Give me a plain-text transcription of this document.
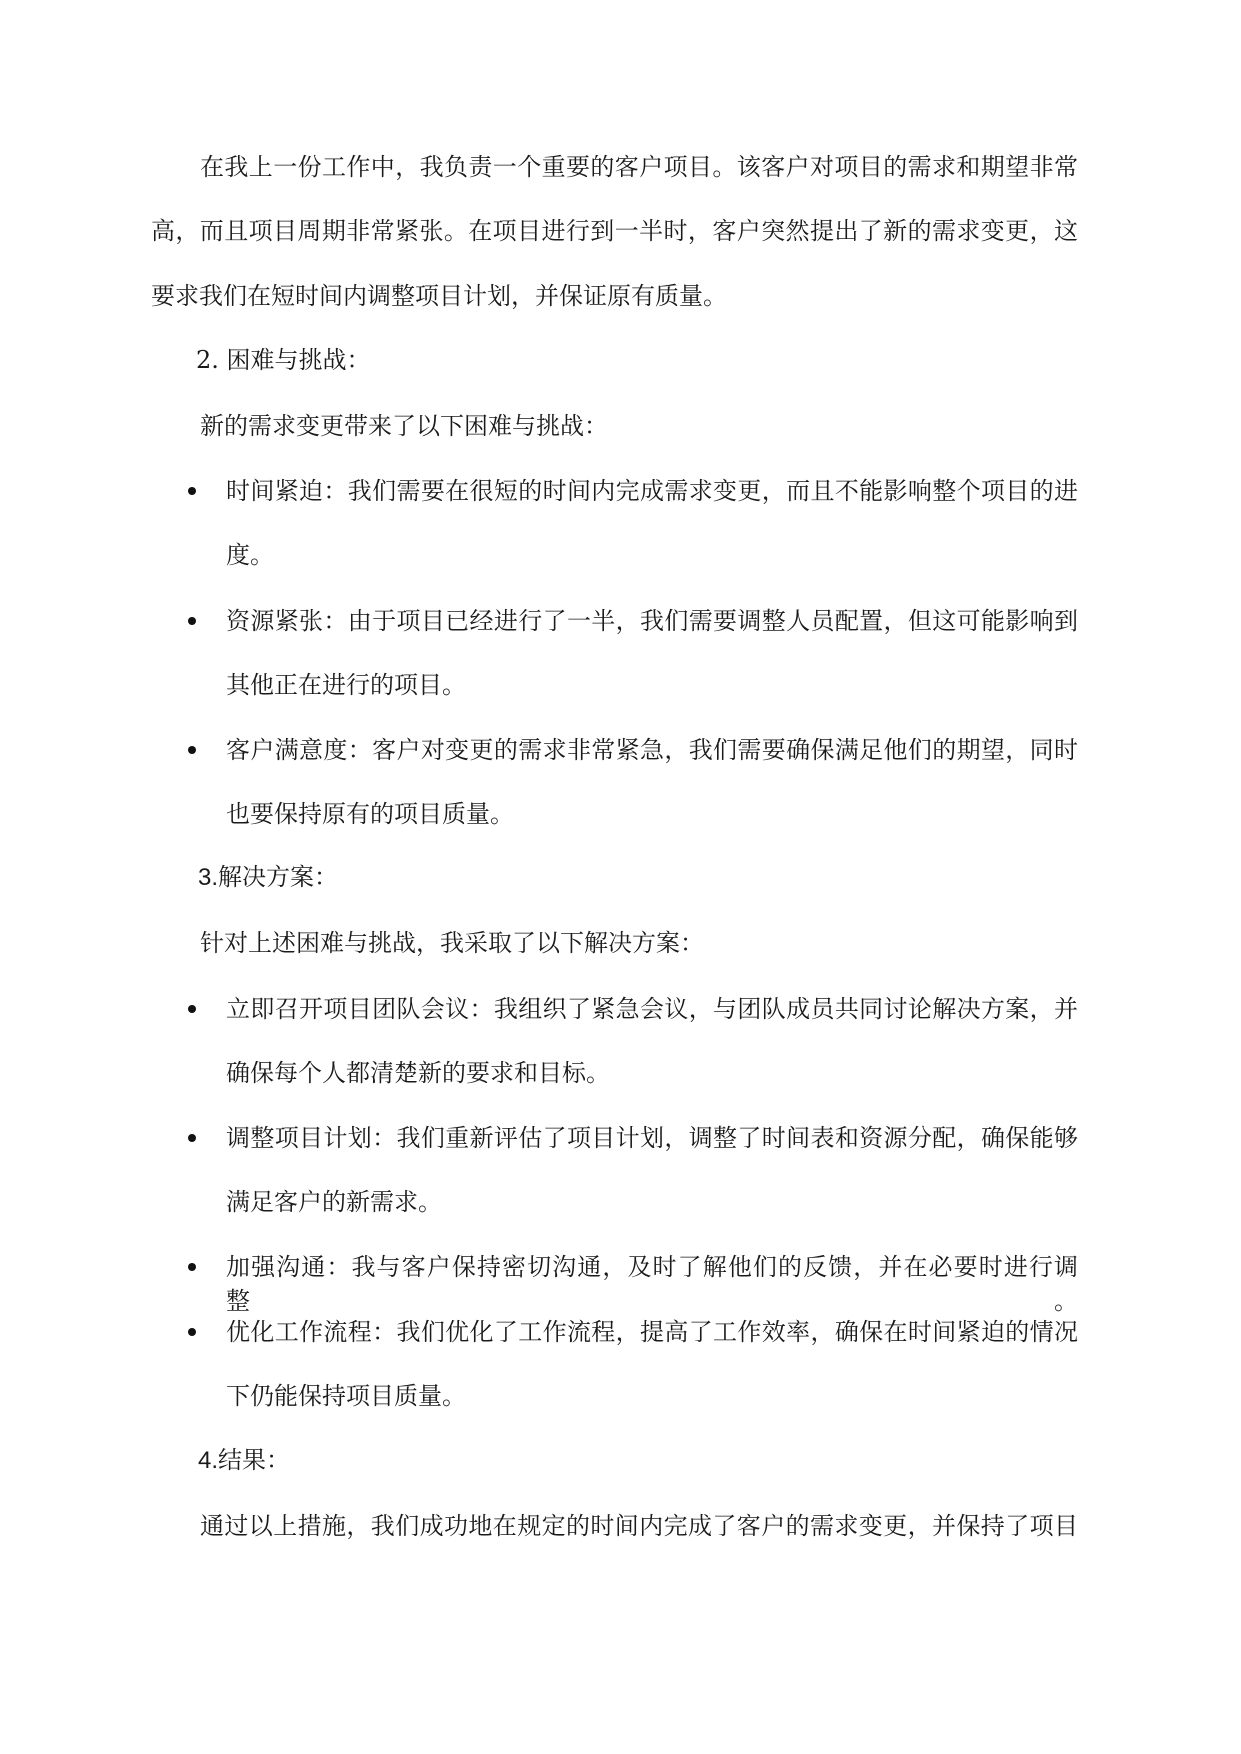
在我上一份工作中，我负责一个重要的客户项目。该客户对项目的需求和期望非常
高，而且项目周期非常紧张。在项目进行到一半时，客户突然提出了新的需求变更，这
要求我们在短时间内调整项目计划，并保证原有质量。
2. 困难与挑战：
新的需求变更带来了以下困难与挑战：
时间紧迫：我们需要在很短的时间内完成需求变更，而且不能影响整个项目的进
度。
资源紧张：由于项目已经进行了一半，我们需要调整人员配置，但这可能影响到
其他正在进行的项目。
客户满意度：客户对变更的需求非常紧急，我们需要确保满足他们的期望，同时
也要保持原有的项目质量。
3.解决方案：
针对上述困难与挑战，我采取了以下解决方案：
立即召开项目团队会议：我组织了紧急会议，与团队成员共同讨论解决方案，并
确保每个人都清楚新的要求和目标。
调整项目计划：我们重新评估了项目计划，调整了时间表和资源分配，确保能够
满足客户的新需求。
加强沟通：我与客户保持密切沟通，及时了解他们的反馈，并在必要时进行调整。
优化工作流程：我们优化了工作流程，提高了工作效率，确保在时间紧迫的情况
下仍能保持项目质量。
4.结果：
通过以上措施，我们成功地在规定的时间内完成了客户的需求变更，并保持了项目
